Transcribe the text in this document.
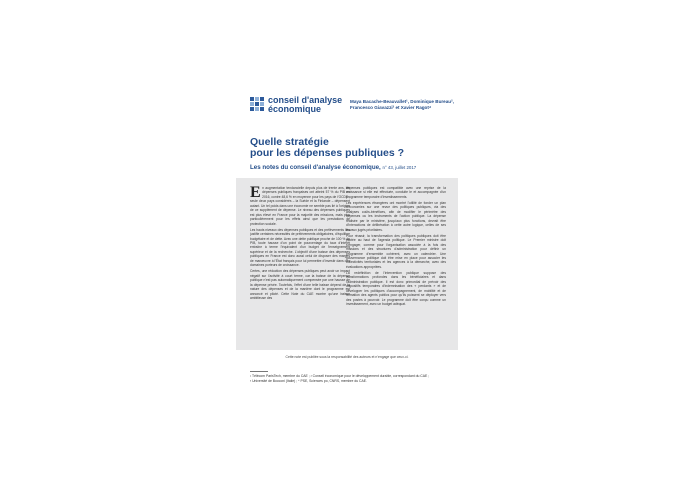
conseil d'analyse
économique
Maya Bacache-Beauvallet¹, Dominique Bureau²,
Francesco Giavazzi³ et Xavier Ragot⁴
Quelle stratégie
pour les dépenses publiques ?
Les notes du conseil d'analyse économique, n° 43, juillet 2017

En augmentation tendancielle depuis plus de trente ans, les dépenses publiques françaises ont atteint 57 % du PIB en 2016, contre 48,6 % en moyenne pour les pays de l'OCDE ; seule deux pays considérés – la Suède et la Finlande – dépensent autant. Un tel poids dans une économie ne semble pas lié à l'origine de ce supplément de dépense. Le niveau des dépenses publiques est plus élevé en France pour la majorité des missions, mais plus particulièrement pour les effets ainsi que les prestations de protection sociale.

Les hauts niveaux des dépenses publiques et des prélèvements liés justifie certaines nécessités de prélèvements obligatoires, d'équilibre budgétaire et de dette. Avec une dette publique proche de 100 % du PIB, toute hausse d'un point de pourcentage du taux d'intérêt entraîne à terme l'équivalent d'un budget de l'enseignement supérieur et de la recherche. L'objectif d'une baisse des dépenses publiques en France est donc aussi celui de disposer des marges de manœuvre à l'État français pour lui permettre d'investir dans des domaines porteurs de croissance.

Certes, une réduction des dépenses publiques peut avoir un impact négatif sur l'activité à court terme, car la baisse de la dépense publique n'est pas automatiquement compensée par une hausse de la dépense privée. Toutefois, l'effet d'une telle baisse dépend de la nature des dépenses et de la manière dont le programme est annoncé et piloté. Cette Note du CAE montre qu'une baisse ambitieuse des

dépenses publiques est compatible avec une reprise de la croissance si elle est effectuée, conduite le et accompagnée d'un programme temporaire d'investissements.

Les expériences étrangères ont montré l'utilité de fonder un plan d'économies sur une revue des politiques publiques, via des analyses coûts-bénéfices, afin de modifier le périmètre des dépenses ou les instruments de l'action publique. La dépense réalisée par le ministère, jusqu'aux plus fonctions, devrait être d'interactions de délibération à cette autre logique, celles de ses travaux jugés prioritaires.

Pour réussir, la transformation des politiques publiques doit être pilotée au haut de l'agenda politique. Le Premier ministre doit s'engager, comme pour l'organisation associée à la fois des missions et des structures d'administration pour définir un programme d'ensemble cohérent, avec un calendrier. Une gouvernance politique doit être mise en place pour associer les collectivités territoriales et les agences à la démarche, avec des évaluations appropriées.

La redéfinition de l'intervention publique suppose des transformations profondes dans les bénéficiaires et dans l'administration publique. Il est donc primordial de prévoir des dispositifs temporaires d'indemnisation des « perdants » et de développer les politiques d'accompagnement, de mobilité et de formation des agents publics pour qu'ils puissent se déployer vers des postes à pourvoir. Le programme doit être conçu comme un investissement, avec un budget adéquat.

Cette note est publiée sous la responsabilité des auteurs et n'engage que ceux-ci.
¹ Télécom ParisTech, membre du CAE ; ² Conseil économique pour le développement durable, correspondant du CAE ;
³ Université de Bocconi (Italie) ; ⁴ PSE, Sciences po, CNRS, membre du CAE.
